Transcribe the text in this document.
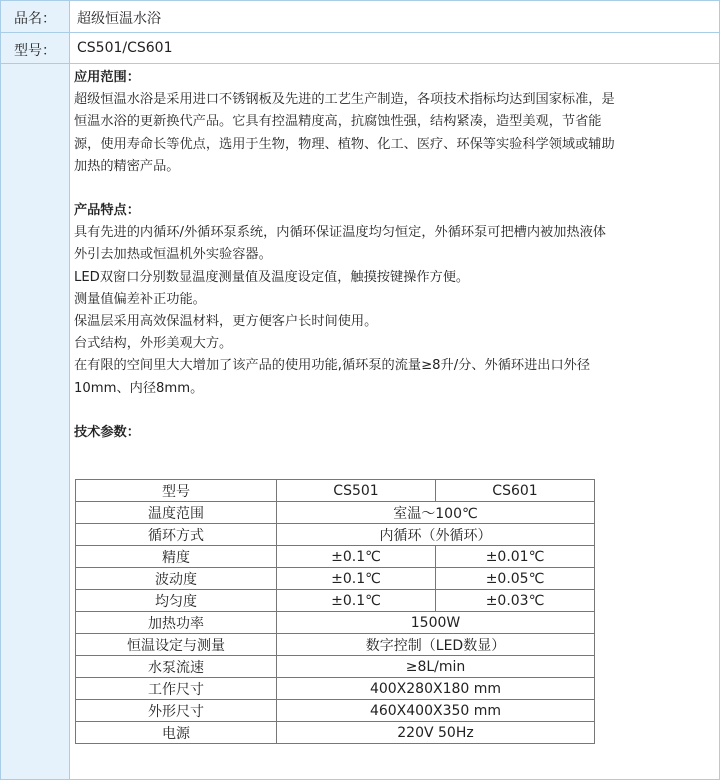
品名：	超级恒温水浴
型号：	CS501/CS601
应用范围：
超级恒温水浴是采用进口不锈钢板及先进的工艺生产制造，各项技术指标均达到国家标准，是
恒温水浴的更新换代产品。它具有控温精度高，抗腐蚀性强，结构紧凑，造型美观，节省能
源，使用寿命长等优点，选用于生物，物理、植物、化工、医疗、环保等实验科学领域或辅助
加热的精密产品。
产品特点：
具有先进的内循环/外循环泵系统，内循环保证温度均匀恒定，外循环泵可把槽内被加热液体
外引去加热或恒温机外实验容器。
LED双窗口分别数显温度测量值及温度设定值，触摸按键操作方便。
测量值偏差补正功能。
保温层采用高效保温材料，更方便客户长时间使用。
台式结构，外形美观大方。
在有限的空间里大大增加了该产品的使用功能,循环泵的流量≥8升/分、外循环进出口外径
10mm、内径8mm。
技术参数：
型号	CS501	CS601
温度范围	室温～100℃	
循环方式	内循环（外循环）	
精度	±0.1℃	±0.01℃
波动度	±0.1℃	±0.05℃
均匀度	±0.1℃	±0.03℃
加热功率	1500W	
恒温设定与测量	数字控制（LED数显）	
水泵流速	≥8L/min	
工作尺寸	400X280X180 mm	
外形尺寸	460X400X350 mm	
电源	220V 50Hz	
